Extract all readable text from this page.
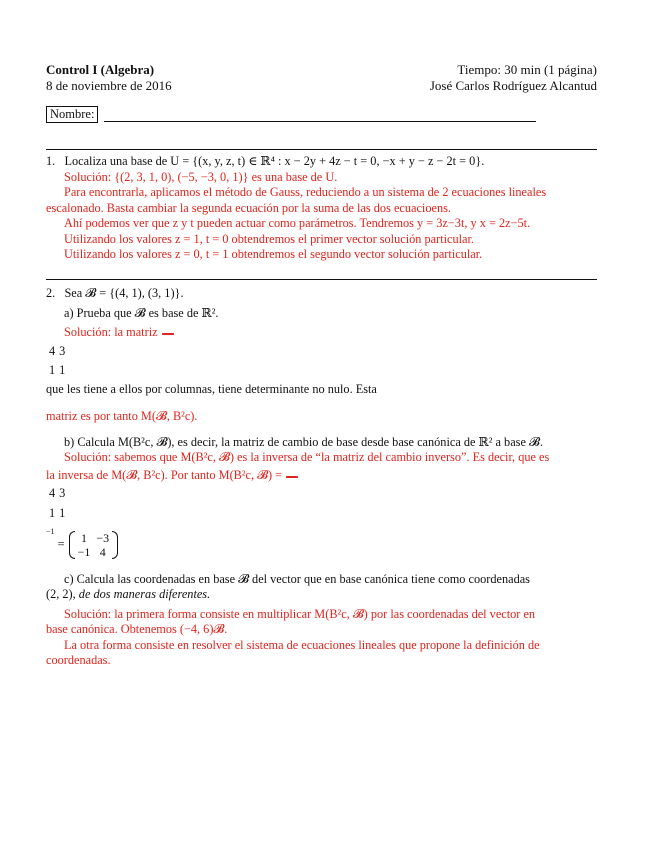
Control I (Algebra)
8 de noviembre de 2016
Tiempo: 30 min (1 página)
José Carlos Rodríguez Alcantud
Nombre:

1. Localiza una base de U = {(x, y, z, t) ∈ ℝ⁴ : x − 2y + 4z − t = 0, −x + y − z − 2t = 0}.

Solución: {(2, 3, 1, 0), (−5, −3, 0, 1)} es una base de U.

Para encontrarla, aplicamos el método de Gauss, reduciendo a un sistema de 2 ecuaciones lineales escalonado. Basta cambiar la segunda ecuación por la suma de las dos ecuacioens.

Ahí podemos ver que z y t pueden actuar como parámetros. Tendremos y = 3z−3t, y x = 2z−5t.

Utilizando los valores z = 1, t = 0 obtendremos el primer vector solución particular.

Utilizando los valores z = 0, t = 1 obtendremos el segundo vector solución particular.

2. Sea 𝓑 = {(4, 1), (3, 1)}.

a) Prueba que 𝓑 es base de ℝ².

Solución: la matriz

4	3
1	1
que les tiene a ellos por columnas, tiene determinante no nulo. Esta

matriz es por tanto M(𝓑, B²c).

b) Calcula M(B²c, 𝓑), es decir, la matriz de cambio de base desde base canónica de ℝ² a base 𝓑.

Solución: sabemos que M(B²c, 𝓑) es la inversa de “la matriz del cambio inverso”. Es decir, que es

la inversa de M(𝓑, B²c). Por tanto M(B²c, 𝓑) =

4	3
1	1
$^{-1}$ = 1	−3
−1	4

c) Calcula las coordenadas en base 𝓑 del vector que en base canónica tiene como coordenadas

(2, 2), de dos maneras diferentes.

Solución: la primera forma consiste en multiplicar M(B²c, 𝓑) por las coordenadas del vector en

base canónica. Obtenemos (−4, 6)𝓑.

La otra forma consiste en resolver el sistema de ecuaciones lineales que propone la definición de coordenadas.
